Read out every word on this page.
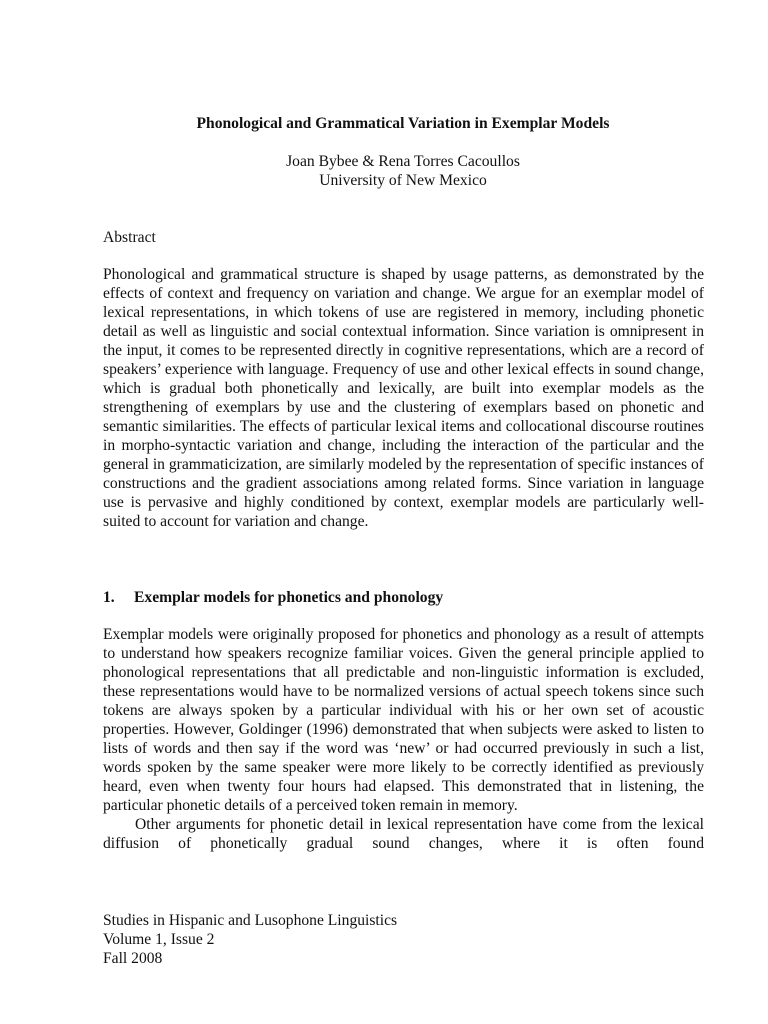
Phonological and Grammatical Variation in Exemplar Models
Joan Bybee & Rena Torres Cacoullos
University of New Mexico
Abstract
Phonological and grammatical structure is shaped by usage patterns, as demonstrated by the effects of context and frequency on variation and change. We argue for an exemplar model of lexical representations, in which tokens of use are registered in memory, including phonetic detail as well as linguistic and social contextual information. Since variation is omnipresent in the input, it comes to be represented directly in cognitive representations, which are a record of speakers’ experience with language. Frequency of use and other lexical effects in sound change, which is gradual both phonetically and lexically, are built into exemplar models as the strengthening of exemplars by use and the clustering of exemplars based on phonetic and semantic similarities. The effects of particular lexical items and collocational discourse routines in morpho-syntactic variation and change, including the interaction of the particular and the general in grammaticization, are similarly modeled by the representation of specific instances of constructions and the gradient associations among related forms. Since variation in language use is pervasive and highly conditioned by context, exemplar models are particularly well-suited to account for variation and change.
1. Exemplar models for phonetics and phonology

Exemplar models were originally proposed for phonetics and phonology as a result of attempts to understand how speakers recognize familiar voices. Given the general principle applied to phonological representations that all predictable and non-linguistic information is excluded, these representations would have to be normalized versions of actual speech tokens since such tokens are always spoken by a particular individual with his or her own set of acoustic properties. However, Goldinger (1996) demonstrated that when subjects were asked to listen to lists of words and then say if the word was ‘new’ or had occurred previously in such a list, words spoken by the same speaker were more likely to be correctly identified as previously heard, even when twenty four hours had elapsed. This demonstrated that in listening, the particular phonetic details of a perceived token remain in memory.

Other arguments for phonetic detail in lexical representation have come from the lexical diffusion of phonetically gradual sound changes, where it is often found

Studies in Hispanic and Lusophone Linguistics
Volume 1, Issue 2
Fall 2008
